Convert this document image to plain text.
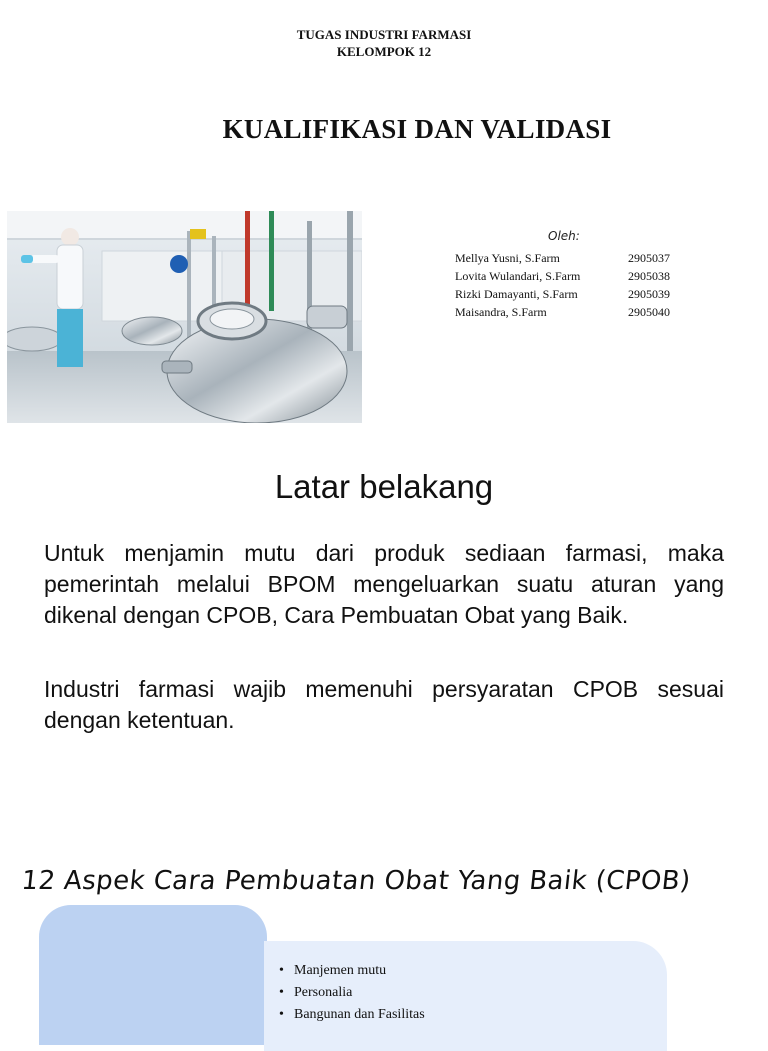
TUGAS INDUSTRI FARMASI
KELOMPOK 12
KUALIFIKASI DAN VALIDASI
Oleh:
Mellya Yusni, S.Farm	2905037
Lovita Wulandari, S.Farm	2905038
Rizki Damayanti, S.Farm	2905039
Maisandra, S.Farm	2905040
Latar belakang
Untuk menjamin mutu dari produk sediaan farmasi, maka pemerintah melalui BPOM mengeluarkan suatu aturan yang dikenal dengan CPOB, Cara Pembuatan Obat yang Baik.
Industri farmasi wajib memenuhi persyaratan CPOB sesuai dengan ketentuan.
12 Aspek Cara Pembuatan Obat Yang Baik (CPOB)
• Manjemen mutu
• Personalia
• Bangunan dan Fasilitas
